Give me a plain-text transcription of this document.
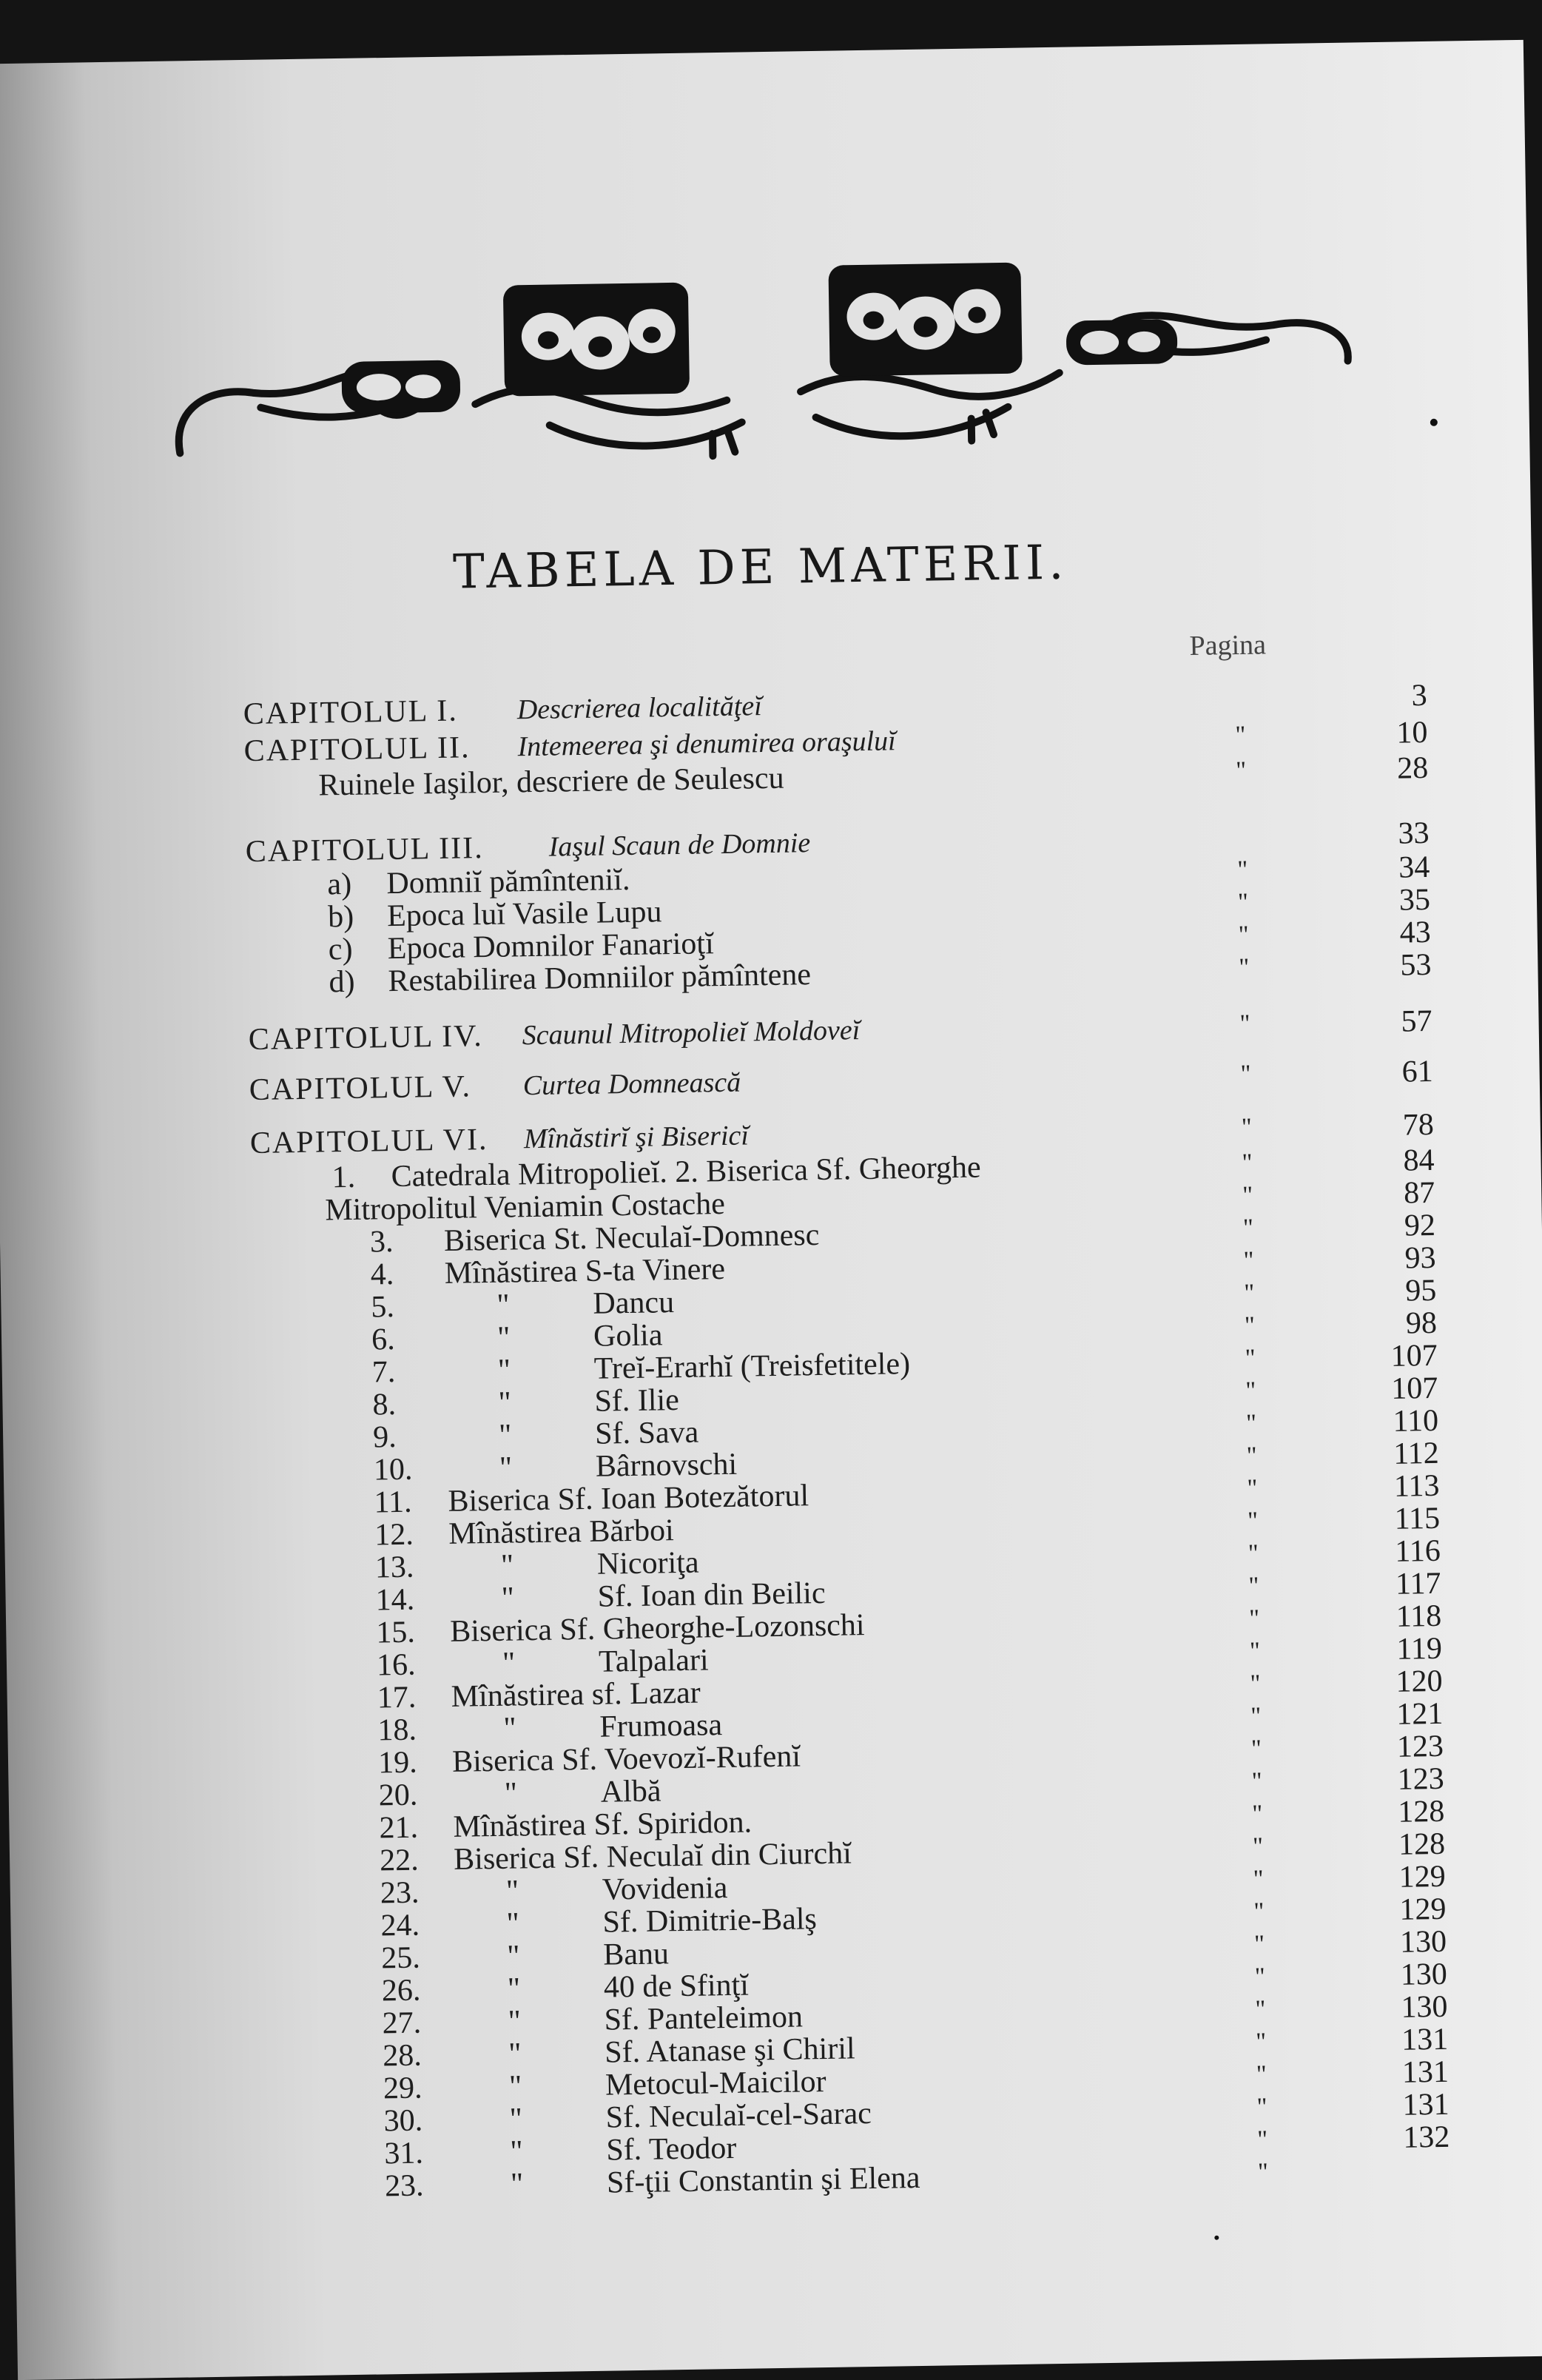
TABELA DE MATERII.
Pagina
CAPITOLUL I. Descrierea localităţeĭ	3
CAPITOLUL II. Intemeerea şi denumirea oraşuluĭ	"	10
Ruinele Iaşilor, descriere de Seulescu	"	28
CAPITOLUL III. Iaşul Scaun de Domnie	33
a)	Domniĭ pămînteniĭ.	"	34
b)	Epoca luĭ Vasile Lupu	"	35
c)	Epoca Domnilor Fanarioţĭ	"	43
d)	Restabilirea Domniilor pămîntene	"	53
CAPITOLUL IV. Scaunul Mitropolieĭ Moldoveĭ	"	57
CAPITOLUL V. Curtea Domnească	"	61
CAPITOLUL VI. Mînăstirĭ şi Bisericĭ	"	78
1.	Catedrala Mitropolieĭ. 2. Biserica Sf. Gheorghe	"	84
Mitropolitul Veniamin Costache	"	87
3.	Biserica St. Neculaĭ-Domnesc	"	92
4.	Mînăstirea S-ta Vinere	"	93
5.	"	Dancu	"	95
6.	"	Golia	"	98
7.	"	Treĭ-Erarhĭ (Treisfetitele)	"	107
8.	"	Sf. Ilie	"	107
9.	"	Sf. Sava	"	110
10.	"	Bârnovschi	"	112
11.	Biserica Sf. Ioan Botezătorul	"	113
12.	Mînăstirea Bărboi	"	115
13.	"	Nicoriţa	"	116
14.	"	Sf. Ioan din Beilic	"	117
15.	Biserica Sf. Gheorghe-Lozonschi	"	118
16.	"	Talpalari	"	119
17.	Mînăstirea sf. Lazar	"	120
18.	"	Frumoasa	"	121
19.	Biserica Sf. Voevozĭ-Rufenĭ	"	123
20.	"	Albă	"	123
21.	Mînăstirea Sf. Spiridon.	"	128
22.	Biserica Sf. Neculaĭ din Ciurchĭ	"	128
23.	"	Vovidenia	"	129
24.	"	Sf. Dimitrie-Balş	"	129
25.	"	Banu	"	130
26.	"	40 de Sfinţĭ	"	130
27.	"	Sf. Panteleimon	"	130
28.	"	Sf. Atanase şi Chiril	"	131
29.	"	Metocul-Maicilor	"	131
30.	"	Sf. Neculaĭ-cel-Sarac	"	131
31.	"	Sf. Teodor	"	132
23.	"	Sf-ţii Constantin şi Elena	"
